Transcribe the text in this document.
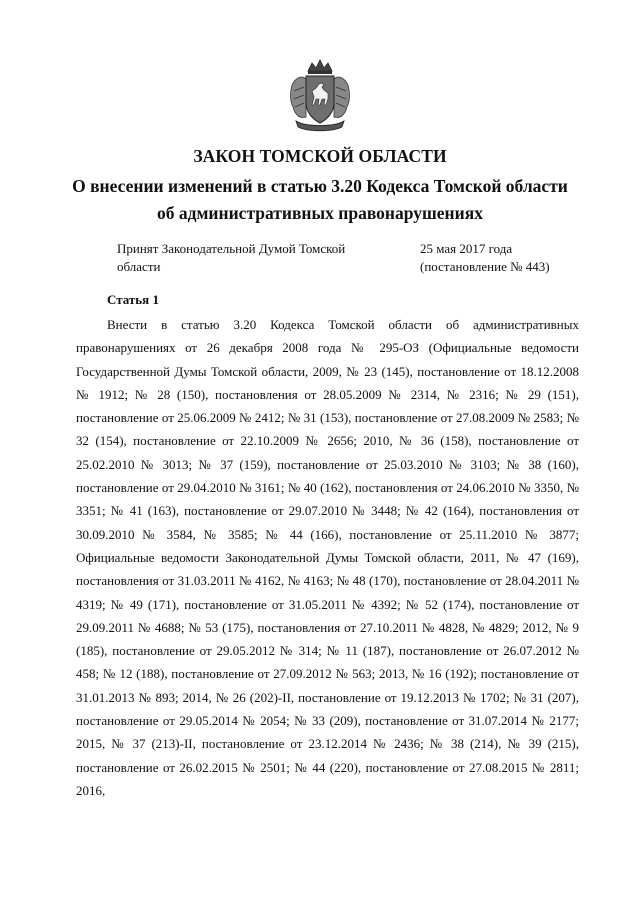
ЗАКОН ТОМСКОЙ ОБЛАСТИ
О внесении изменений в статью 3.20 Кодекса Томской области об административных правонарушениях
Принят Законодательной Думой Томской области
25 мая 2017 года
(постановление № 443)
Статья 1

Внести в статью 3.20 Кодекса Томской области об административных правонарушениях от 26 декабря 2008 года № 295-ОЗ (Официальные ведомости Государственной Думы Томской области, 2009, № 23 (145), постановление от 18.12.2008 № 1912; № 28 (150), постановления от 28.05.2009 № 2314, № 2316; № 29 (151), постановление от 25.06.2009 № 2412; № 31 (153), постановление от 27.08.2009 № 2583; № 32 (154), постановление от 22.10.2009 № 2656; 2010, № 36 (158), постановление от 25.02.2010 № 3013; № 37 (159), постановление от 25.03.2010 № 3103; № 38 (160), постановление от 29.04.2010 № 3161; № 40 (162), постановления от 24.06.2010 № 3350, № 3351; № 41 (163), постановление от 29.07.2010 № 3448; № 42 (164), постановления от 30.09.2010 № 3584, № 3585; № 44 (166), постановление от 25.11.2010 № 3877; Официальные ведомости Законодательной Думы Томской области, 2011, № 47 (169), постановления от 31.03.2011 № 4162, № 4163; № 48 (170), постановление от 28.04.2011 № 4319; № 49 (171), постановление от 31.05.2011 № 4392; № 52 (174), постановление от 29.09.2011 № 4688; № 53 (175), постановления от 27.10.2011 № 4828, № 4829; 2012, № 9 (185), постановление от 29.05.2012 № 314; № 11 (187), постановление от 26.07.2012 № 458; № 12 (188), постановление от 27.09.2012 № 563; 2013, № 16 (192); постановление от 31.01.2013 № 893; 2014, № 26 (202)-II, постановление от 19.12.2013 № 1702; № 31 (207), постановление от 29.05.2014 № 2054; № 33 (209), постановление от 31.07.2014 № 2177; 2015, № 37 (213)-II, постановление от 23.12.2014 № 2436; № 38 (214), № 39 (215), постановление от 26.02.2015 № 2501; № 44 (220), постановление от 27.08.2015 № 2811; 2016,
